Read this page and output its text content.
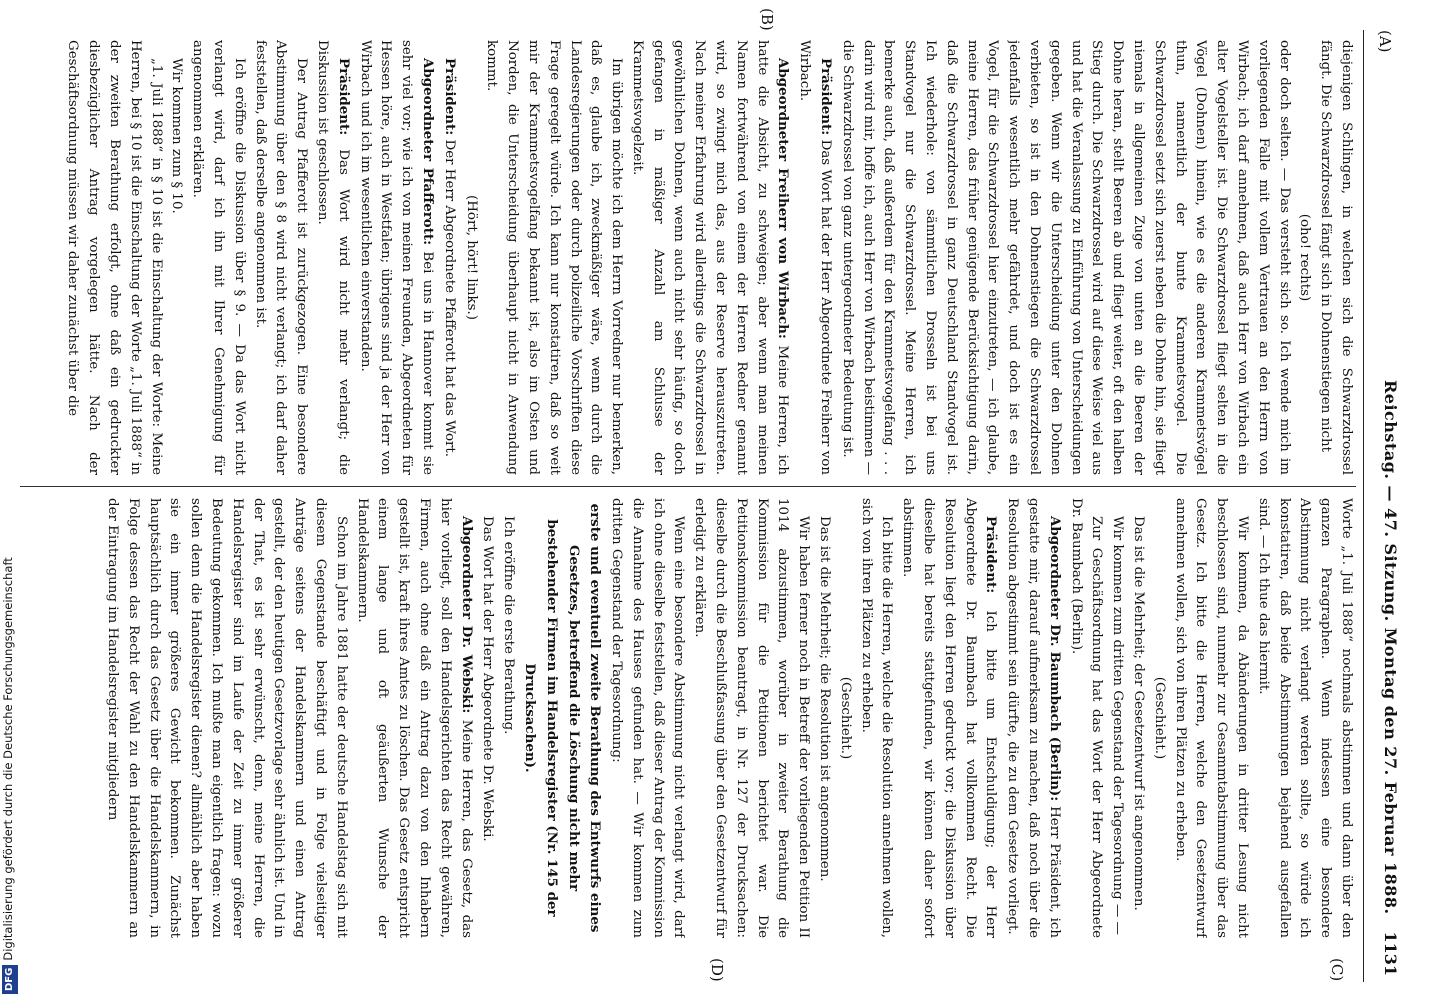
(A)
Reichstag. — 47. Sitzung. Montag den 27. Februar 1888.
1131
(B)
(C)
(D)

diejenigen Schlingen, in welchen sich die Schwarzdrossel fängt. Die Schwarzdrossel fängt sich in Dohnenstiegen nicht

(oho! rechts)

oder doch selten. — Das versteht sich so. Ich wende mich im vorliegenden Falle mit vollem Vertrauen an den Herrn von Wirbach; ich darf annehmen, daß auch Herr von Wirbach ein alter Vogelsteller ist. Die Schwarzdrossel fliegt selten in die Vögel (Dohnen) hinein, wie es die anderen Krammetsvögel thun, namentlich der bunte Krammetsvogel. Die Schwarzdrossel setzt sich zuerst neben die Dohne hin, sie fliegt niemals in allgemeinen Zuge von unten an die Beeren der Dohne heran, stellt Beeren ab und fliegt weiter, oft den halben Stieg durch. Die Schwarzdrossel wird auf diese Weise viel aus und hat die Veranlassung zu Einführung von Unterscheidungen gegeben. Wenn wir die Unterscheidung unter den Dohnen verbieten, so ist in den Dohnenstiegen die Schwarzdrossel jedenfalls wesentlich mehr gefährdet, und doch ist es ein Vogel, für die Schwarzdrossel hier einzutreten, — ich glaube, meine Herren, das früher genügende Berücksichtigung darin, daß die Schwarzdrossel in ganz Deutschland Standvogel ist. Ich wiederhole: von sämmtlichen Drosseln ist bei uns Standvogel nur die Schwarzdrossel. Meine Herren, ich bemerke auch, daß außerdem für den Krammetsvogelfang . . . darin wird mir, hoffe ich, auch Herr von Wirbach beistimmen — die Schwarzdrossel von ganz untergeordneter Bedeutung ist.

Präsident: Das Wort hat der Herr Abgeordnete Freiherr von Wirbach.

Abgeordneter Freiherr von Wirbach: Meine Herren, ich hatte die Absicht, zu schweigen; aber wenn man meinen Namen fortwährend von einem der Herren Redner genannt wird, so zwingt mich das, aus der Reserve herauszutreten. Nach meiner Erfahrung wird allerdings die Schwarzdrossel in gewöhnlichen Dohnen, wenn auch nicht sehr häufig, so doch gefangen in mäßiger Anzahl am Schlusse der Krammetsvogelzeit.

Im übrigen möchte ich dem Herrn Vorredner nur bemerken, daß es, glaube ich, zweckmäßiger wäre, wenn durch die Landesregierungen oder durch polizeiliche Vorschriften diese Frage geregelt würde. Ich kann nur konstatiren, daß so weit mir der Krammetsvogelfang bekannt ist, also im Osten und Norden, die Unterscheidung überhaupt nicht in Anwendung kommt.

(Hört, hört! links.)

Präsident: Der Herr Abgeordnete Pfafferott hat das Wort.

Abgeordneter Pfafferott: Bei uns in Hannover kommt sie sehr viel vor; wie ich von meinen Freunden, Abgeordneten für Hessen höre, auch in Westfalen; übrigens sind ja der Herr von Wirbach und ich im wesentlichen einverstanden.

Präsident: Das Wort wird nicht mehr verlangt; die Diskussion ist geschlossen.

Der Antrag Pfafferott ist zurückgezogen. Eine besondere Abstimmung über den § 8 wird nicht verlangt; ich darf daher feststellen, daß derselbe angenommen ist.

Ich eröffne die Diskussion über § 9. — Da das Wort nicht verlangt wird, darf ich ihn mit Ihrer Genehmigung für angenommen erklären.

Wir kommen zum § 10.

„1. Juli 1888“ in § 10 ist die Einschaltung der Worte: Meine Herren, bei § 10 ist die Einschaltung der Worte „1. Juli 1888“ in der zweiten Berathung erfolgt, ohne daß ein gedruckter diesbezüglicher Antrag vorgelegen hätte. Nach der Geschäftsordnung müssen wir daher zunächst über die

Worte „1. Juli 1888“ nochmals abstimmen und dann über den ganzen Paragraphen. Wenn indessen eine besondere Abstimmung nicht verlangt werden sollte, so würde ich konstatiren, daß beide Abstimmungen bejahend ausgefallen sind. — Ich thue das hiermit.

Wir kommen, da Abänderungen in dritter Lesung nicht beschlossen sind, nunmehr zur Gesammtabstimmung über das Gesetz. Ich bitte die Herren, welche den Gesetzentwurf annehmen wollen, sich von ihren Plätzen zu erheben.

(Geschieht.)

Das ist die Mehrheit; der Gesetzentwurf ist angenommen.

Wir kommen zum dritten Gegenstand der Tagesordnung — —

Zur Geschäftsordnung hat das Wort der Herr Abgeordnete Dr. Baumbach (Berlin).

Abgeordneter Dr. Baumbach (Berlin): Herr Präsident, ich gestatte mir, darauf aufmerksam zu machen, daß noch über die Resolution abgestimmt sein dürfte, die zu dem Gesetze vorliegt.

Präsident: Ich bitte um Entschuldigung; der Herr Abgeordnete Dr. Baumbach hat vollkommen Recht. Die Resolution liegt den Herren gedruckt vor; die Diskussion über dieselbe hat bereits stattgefunden, wir können daher sofort abstimmen.

Ich bitte die Herren, welche die Resolution annehmen wollen, sich von ihren Plätzen zu erheben.

(Geschieht.)

Das ist die Mehrheit; die Resolution ist angenommen.

Wir haben ferner noch in Betreff der vorliegenden Petition II 1014 abzustimmen, worüber in zweiter Berathung die Kommission für die Petitionen berichtet war. Die Petitionskommission beantragt, in Nr. 127 der Drucksachen: dieselbe durch die Beschlußfassung über den Gesetzentwurf für erledigt zu erklären.

Wenn eine besondere Abstimmung nicht verlangt wird, darf ich ohne dieselbe feststellen, daß dieser Antrag der Kommission die Annahme des Hauses gefunden hat. — Wir kommen zum dritten Gegenstand der Tagesordnung:

erste und eventuell zweite Berathung des Entwurfs eines Gesetzes, betreffend die Löschung nicht mehr bestehender Firmen im Handelsregister (Nr. 145 der Drucksachen).

Ich eröffne die erste Berathung.

Das Wort hat der Herr Abgeordnete Dr. Webski.

Abgeordneter Dr. Webski: Meine Herren, das Gesetz, das hier vorliegt, soll den Handelsgerichten das Recht gewähren, Firmen, auch ohne daß ein Antrag dazu von den Inhabern gestellt ist, kraft ihres Amtes zu löschen. Das Gesetz entspricht einem lange und oft geäußerten Wunsche der Handelskammern.

Schon im Jahre 1881 hatte der deutsche Handelstag sich mit diesem Gegenstande beschäftigt und in Folge vielseitiger Anträge seitens der Handelskammern und einen Antrag gestellt, der den heutigen Gesetzvorlage sehr ähnlich ist. Und in der That, es ist sehr erwünscht, denn, meine Herren, die Handelsregister sind im Laufe der Zeit zu immer größerer Bedeutung gekommen. Ich mußte man eigentlich fragen: wozu sollen denn die Handelsregister dienen? allmählich aber haben sie ein immer größeres Gewicht bekommen. Zunächst hauptsächlich durch das Gesetz über die Handelskammern, in Folge dessen das Recht der Wahl zu den Handelskammern an der Eintragung im Handelsregister mitgliedern

DFGDigitalisierung gefördert durch die Deutsche Forschungsgemeinschaft
